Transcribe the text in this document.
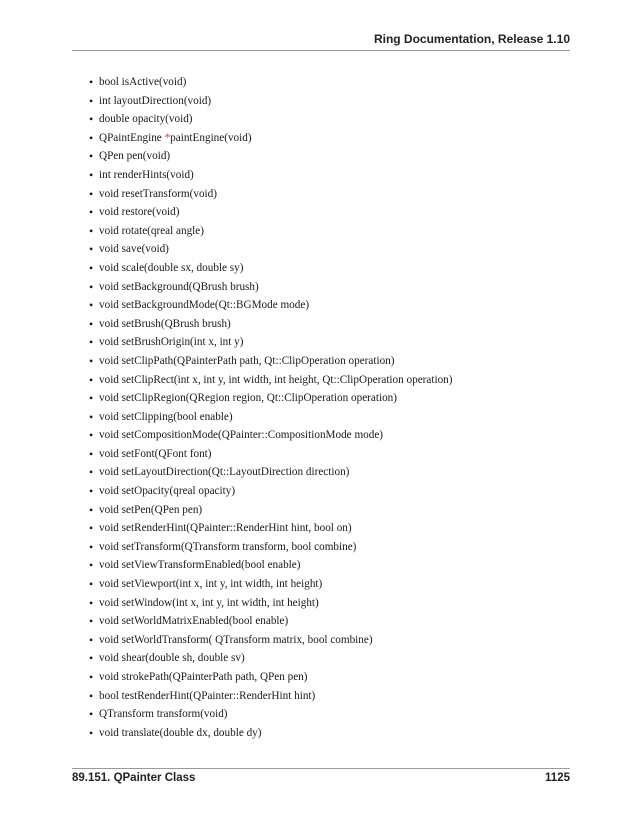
Ring Documentation, Release 1.10
• bool isActive(void)
• int layoutDirection(void)
• double opacity(void)
• QPaintEngine *paintEngine(void)
• QPen pen(void)
• int renderHints(void)
• void resetTransform(void)
• void restore(void)
• void rotate(qreal angle)
• void save(void)
• void scale(double sx, double sy)
• void setBackground(QBrush brush)
• void setBackgroundMode(Qt::BGMode mode)
• void setBrush(QBrush brush)
• void setBrushOrigin(int x, int y)
• void setClipPath(QPainterPath path, Qt::ClipOperation operation)
• void setClipRect(int x, int y, int width, int height, Qt::ClipOperation operation)
• void setClipRegion(QRegion region, Qt::ClipOperation operation)
• void setClipping(bool enable)
• void setCompositionMode(QPainter::CompositionMode mode)
• void setFont(QFont font)
• void setLayoutDirection(Qt::LayoutDirection direction)
• void setOpacity(qreal opacity)
• void setPen(QPen pen)
• void setRenderHint(QPainter::RenderHint hint, bool on)
• void setTransform(QTransform transform, bool combine)
• void setViewTransformEnabled(bool enable)
• void setViewport(int x, int y, int width, int height)
• void setWindow(int x, int y, int width, int height)
• void setWorldMatrixEnabled(bool enable)
• void setWorldTransform( QTransform matrix, bool combine)
• void shear(double sh, double sv)
• void strokePath(QPainterPath path, QPen pen)
• bool testRenderHint(QPainter::RenderHint hint)
• QTransform transform(void)
• void translate(double dx, double dy)
89.151. QPainter Class	1125
